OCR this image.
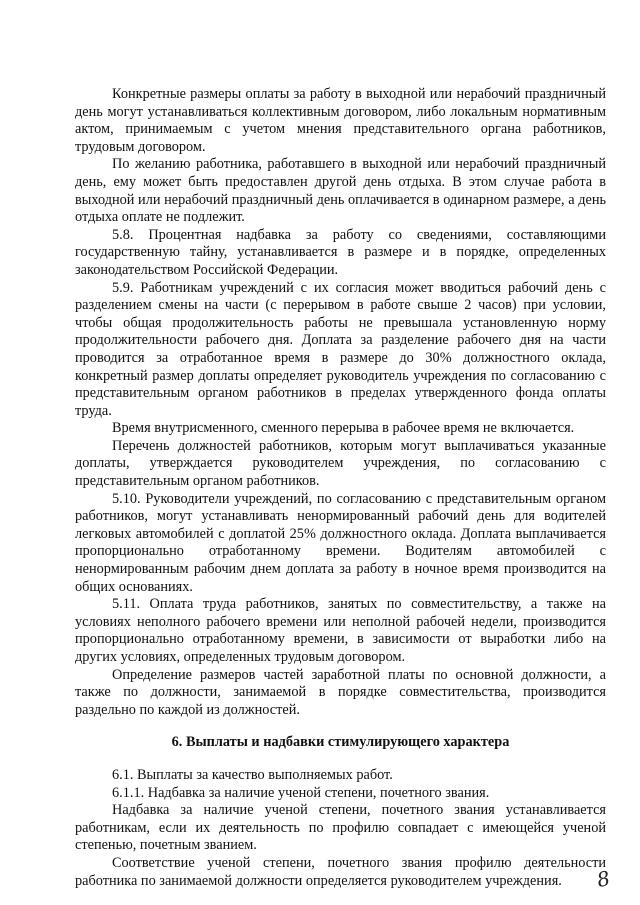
Конкретные размеры оплаты за работу в выходной или нерабочий праздничный день могут устанавливаться коллективным договором, либо локальным нормативным актом, принимаемым с учетом мнения представительного органа работников, трудовым договором.

По желанию работника, работавшего в выходной или нерабочий праздничный день, ему может быть предоставлен другой день отдыха. В этом случае работа в выходной или нерабочий праздничный день оплачивается в одинарном размере, а день отдыха оплате не подлежит.

5.8. Процентная надбавка за работу со сведениями, составляющими государственную тайну, устанавливается в размере и в порядке, определенных законодательством Российской Федерации.

5.9. Работникам учреждений с их согласия может вводиться рабочий день с разделением смены на части (с перерывом в работе свыше 2 часов) при условии, чтобы общая продолжительность работы не превышала установленную норму продолжительности рабочего дня. Доплата за разделение рабочего дня на части проводится за отработанное время в размере до 30% должностного оклада, конкретный размер доплаты определяет руководитель учреждения по согласованию с представительным органом работников в пределах утвержденного фонда оплаты труда.

Время внутрисменного, сменного перерыва в рабочее время не включается.

Перечень должностей работников, которым могут выплачиваться указанные доплаты, утверждается руководителем учреждения, по согласованию с представительным органом работников.

5.10. Руководители учреждений, по согласованию с представительным органом работников, могут устанавливать ненормированный рабочий день для водителей легковых автомобилей с доплатой 25% должностного оклада. Доплата выплачивается пропорционально отработанному времени. Водителям автомобилей с ненормированным рабочим днем доплата за работу в ночное время производится на общих основаниях.

5.11. Оплата труда работников, занятых по совместительству, а также на условиях неполного рабочего времени или неполной рабочей недели, производится пропорционально отработанному времени, в зависимости от выработки либо на других условиях, определенных трудовым договором.

Определение размеров частей заработной платы по основной должности, а также по должности, занимаемой в порядке совместительства, производится раздельно по каждой из должностей.

6. Выплаты и надбавки стимулирующего характера

6.1. Выплаты за качество выполняемых работ.

6.1.1. Надбавка за наличие ученой степени, почетного звания.

Надбавка за наличие ученой степени, почетного звания устанавливается работникам, если их деятельность по профилю совпадает с имеющейся ученой степенью, почетным званием.

Соответствие ученой степени, почетного звания профилю деятельности работника по занимаемой должности определяется руководителем учреждения.	8
